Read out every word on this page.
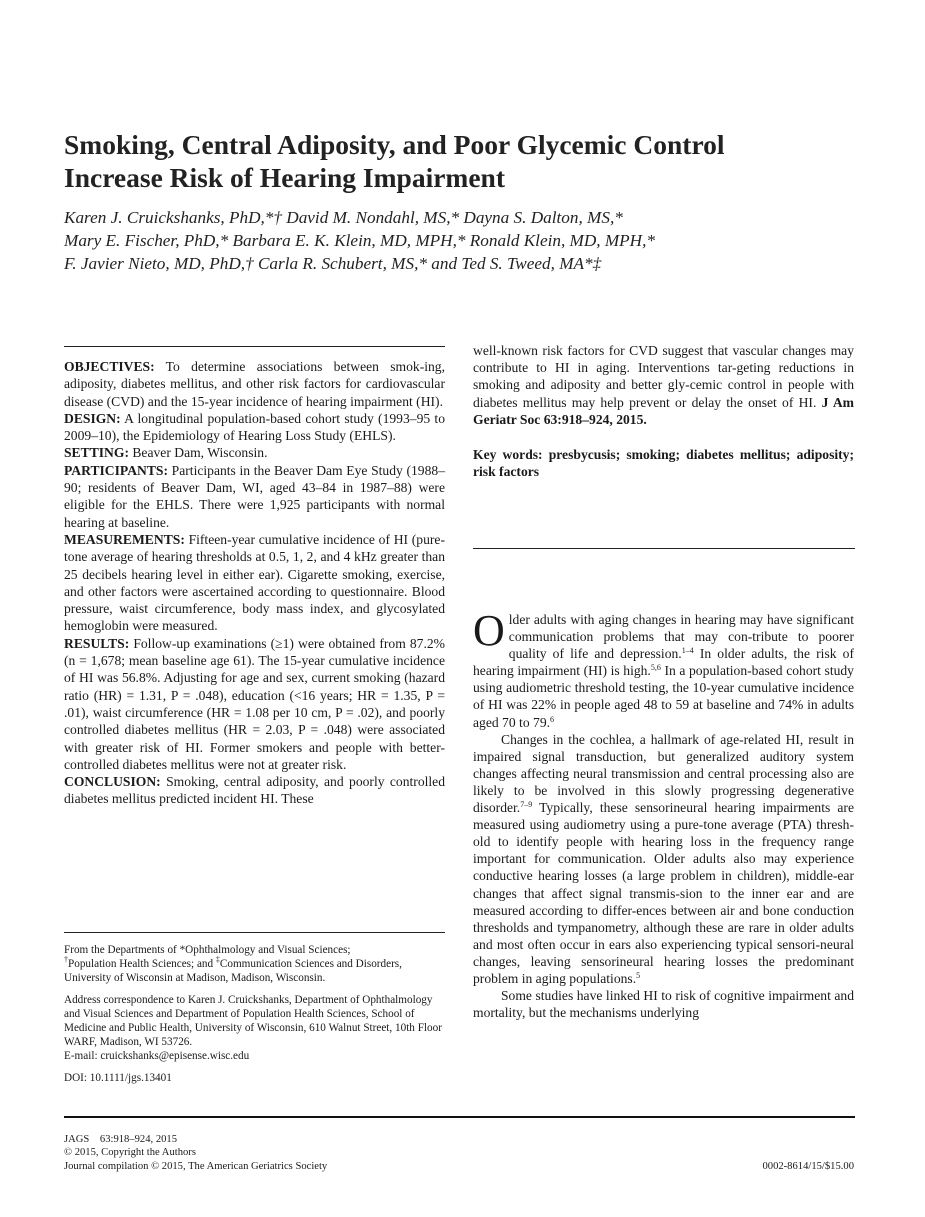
Smoking, Central Adiposity, and Poor Glycemic Control
Increase Risk of Hearing Impairment

Karen J. Cruickshanks, PhD,*† David M. Nondahl, MS,* Dayna S. Dalton, MS,*

Mary E. Fischer, PhD,* Barbara E. K. Klein, MD, MPH,* Ronald Klein, MD, MPH,*

F. Javier Nieto, MD, PhD,† Carla R. Schubert, MS,* and Ted S. Tweed, MA*‡

OBJECTIVES: To determine associations between smok-ing, adiposity, diabetes mellitus, and other risk factors for cardiovascular disease (CVD) and the 15-year incidence of hearing impairment (HI).

DESIGN: A longitudinal population-based cohort study (1993–95 to 2009–10), the Epidemiology of Hearing Loss Study (EHLS).

SETTING: Beaver Dam, Wisconsin.

PARTICIPANTS: Participants in the Beaver Dam Eye Study (1988–90; residents of Beaver Dam, WI, aged 43–84 in 1987–88) were eligible for the EHLS. There were 1,925 participants with normal hearing at baseline.

MEASUREMENTS: Fifteen-year cumulative incidence of HI (pure-tone average of hearing thresholds at 0.5, 1, 2, and 4 kHz greater than 25 decibels hearing level in either ear). Cigarette smoking, exercise, and other factors were ascertained according to questionnaire. Blood pressure, waist circumference, body mass index, and glycosylated hemoglobin were measured.

RESULTS: Follow-up examinations (≥1) were obtained from 87.2% (n = 1,678; mean baseline age 61). The 15-year cumulative incidence of HI was 56.8%. Adjusting for age and sex, current smoking (hazard ratio (HR) = 1.31, P = .048), education (<16 years; HR = 1.35, P = .01), waist circumference (HR = 1.08 per 10 cm, P = .02), and poorly controlled diabetes mellitus (HR = 2.03, P = .048) were associated with greater risk of HI. Former smokers and people with better-controlled diabetes mellitus were not at greater risk.

CONCLUSION: Smoking, central adiposity, and poorly controlled diabetes mellitus predicted incident HI. These

From the Departments of *Ophthalmology and Visual Sciences;
†Population Health Sciences; and ‡Communication Sciences and Disorders,
University of Wisconsin at Madison, Madison, Wisconsin.

Address correspondence to Karen J. Cruickshanks, Department of Ophthalmology and Visual Sciences and Department of Population Health Sciences, School of Medicine and Public Health, University of Wisconsin, 610 Walnut Street, 10th Floor WARF, Madison, WI 53726.
E-mail: cruickshanks@episense.wisc.edu

DOI: 10.1111/jgs.13401

well-known risk factors for CVD suggest that vascular changes may contribute to HI in aging. Interventions tar-geting reductions in smoking and adiposity and better gly-cemic control in people with diabetes mellitus may help prevent or delay the onset of HI. J Am Geriatr Soc 63:918–924, 2015.

Key words: presbycusis; smoking; diabetes mellitus; adiposity; risk factors

Older adults with aging changes in hearing may have significant communication problems that may con-tribute to poorer quality of life and depression.$^{1-4}$ In older adults, the risk of hearing impairment (HI) is high.$^{5,6}$ In a population-based cohort study using audiometric threshold testing, the 10-year cumulative incidence of HI was 22% in people aged 48 to 59 at baseline and 74% in adults aged 70 to 79.$^6$

Changes in the cochlea, a hallmark of age-related HI, result in impaired signal transduction, but generalized auditory system changes affecting neural transmission and central processing also are likely to be involved in this slowly progressing degenerative disorder.$^{7-9}$ Typically, these sensorineural hearing impairments are measured using audiometry using a pure-tone average (PTA) thresh-old to identify people with hearing loss in the frequency range important for communication. Older adults also may experience conductive hearing losses (a large problem in children), middle-ear changes that affect signal transmis-sion to the inner ear and are measured according to differ-ences between air and bone conduction thresholds and tympanometry, although these are rare in older adults and most often occur in ears also experiencing typical sensori-neural changes, leaving sensorineural hearing losses the predominant problem in aging populations.$^5$

Some studies have linked HI to risk of cognitive impairment and mortality, but the mechanisms underlying

JAGS    63:918–924, 2015

© 2015, Copyright the Authors

Journal compilation © 2015, The American Geriatrics Society	0002-8614/15/$15.00
